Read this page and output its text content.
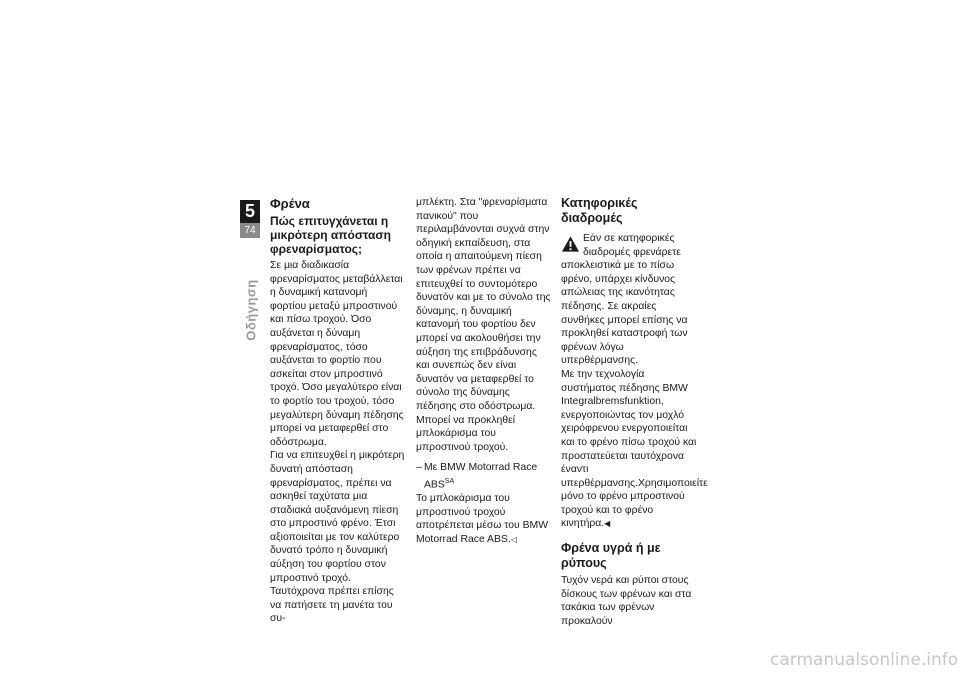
5
74
Οδήγηση
Φρένα
Πώς επιτυγχάνεται η μικρότερη απόσταση φρεναρίσματος;

Σε μια διαδικασία φρεναρίσματος μεταβάλλεται η δυναμική κατανομή φορτίου μεταξύ μπροστινού και πίσω τροχού. Όσο αυξάνεται η δύναμη φρεναρίσματος, τόσο αυξάνεται το φορτίο που ασκείται στον μπροστινό τροχό. Όσο μεγαλύτερο είναι το φορτίο του τροχού, τόσο μεγαλύτερη δύναμη πέδησης μπορεί να μεταφερθεί στο οδόστρωμα.

Για να επιτευχθεί η μικρότερη δυνατή απόσταση φρεναρίσματος, πρέπει να ασκηθεί ταχύτατα μια σταδιακά αυξανόμενη πίεση στο μπροστινό φρένο. Έτσι αξιοποιείται με τον καλύτερο δυνατό τρόπο η δυναμική αύξηση του φορτίου στον μπροστινό τροχό. Ταυτόχρονα πρέπει επίσης να πατήσετε τη μανέτα του συ-

μπλέκτη. Στα "φρεναρίσματα πανικού" που περιλαμβάνονται συχνά στην οδηγική εκπαίδευση, στα οποία η απαιτούμενη πίεση των φρένων πρέπει να επιτευχθεί το συντομότερο δυνατόν και με το σύνολο της δύναμης, η δυναμική κατανομή του φορτίου δεν μπορεί να ακολουθήσει την αύξηση της επιβράδυνσης και συνεπώς δεν είναι δυνατόν να μεταφερθεί το σύνολο της δύναμης πέδησης στο οδόστρωμα. Μπορεί να προκληθεί μπλοκάρισμα του μπροστινού τροχού.

– Με BMW Motorrad Race $ABS^{SA}$

Το μπλοκάρισμα του μπροστινού τροχού αποτρέπεται μέσω του BMW Motorrad Race ABS.◁

Κατηφορικές διαδρομές

Εάν σε κατηφορικές διαδρομές φρενάρετε αποκλειστικά με το πίσω φρένο, υπάρχει κίνδυνος απώλειας της ικανότητας πέδησης. Σε ακραίες συνθήκες μπορεί επίσης να προκληθεί καταστροφή των φρένων λόγω υπερθέρμανσης.

Με την τεχνολογία συστήματος πέδησης BMW Integralbremsfunktion, ενεργοποιώντας τον μοχλό χειρόφρενου ενεργοποιείται και το φρένο πίσω τροχού και προστατεύεται ταυτόχρονα έναντι υπερθέρμανσης.Χρησιμοποιείτε μόνο το φρένο μπροστινού τροχού και το φρένο κινητήρα.◀

Φρένα υγρά ή με ρύπους

Τυχόν νερά και ρύποι στους δίσκους των φρένων και στα τακάκια των φρένων προκαλούν

carmanualsonline.info
